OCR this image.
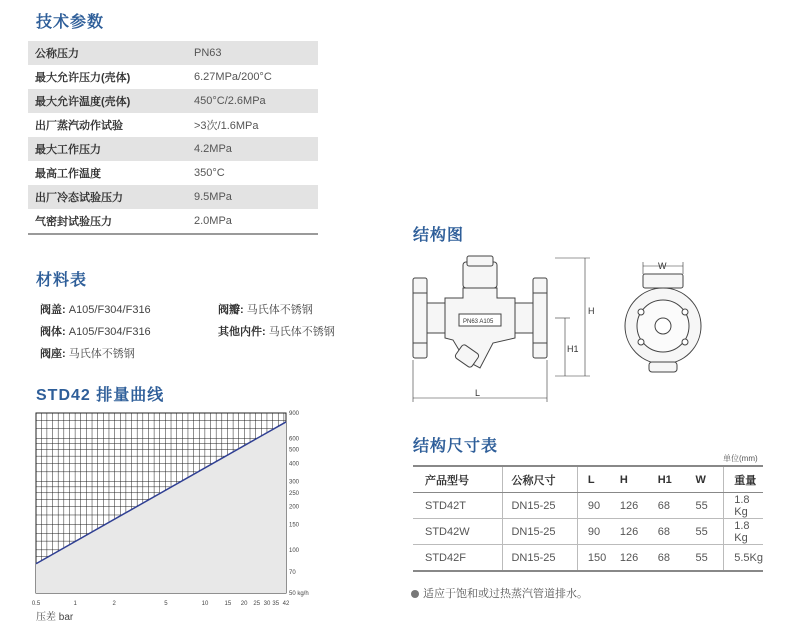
技术参数
公称压力	PN63
最大允许压力(壳体)	6.27MPa/200°C
最大允许温度(壳体)	450°C/2.6MPa
出厂蒸汽动作试验	>3次/1.6MPa
最大工作压力	4.2MPa
最高工作温度	350°C
出厂冷态试验压力	9.5MPa
气密封试验压力	2.0MPa
材料表
阀盖: A105/F304/F316	阀瓣: 马氏体不锈钢
阀体: A105/F304/F316	其他内件: 马氏体不锈钢
阀座: 马氏体不锈钢
STD42 排量曲线
0.5	1	2	5	10	15 20 25 30 35 42
900
600
500
400
300
250
200
150
100
70
50 kg/h
压差 bar
结构图
PN63 A105
H
H1
L
W
结构尺寸表
单位(mm)
产品型号	公称尺寸	L	H	H1	W	重量
STD42T	DN15-25	90	126	68	55	1.8 Kg
STD42W	DN15-25	90	126	68	55	1.8 Kg
STD42F	DN15-25	150	126	68	55	5.5Kg
适应于饱和或过热蒸汽管道排水。
